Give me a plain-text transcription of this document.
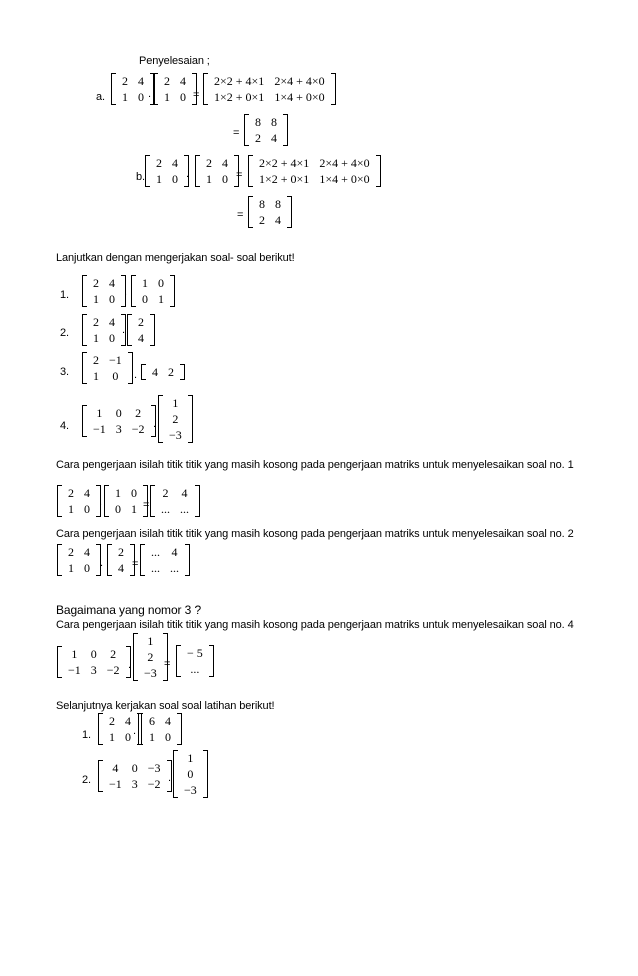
Penyelesaian ;
a.
2	4
1	0 .
2	4
1	0 =
2×2 + 4×1	2×4 + 4×0
1×2 + 0×1	1×4 + 0×0
=
8	8
2	4
b.
2	4
1	0 .
2	4
1	0 =
2×2 + 4×1	2×4 + 4×0
1×2 + 0×1	1×4 + 0×0
=
8	8
2	4
Lanjutkan dengan mengerjakan soal- soal berikut!
1.
2	4
1	0 .
1	0
0	1
2.
2	4
1	0
.
2
4
3.
2	−1
1	0 . 4	2
4.
1	0	2
−1	3	−2 .
1
2
−3
Cara pengerjaan isilah titik titik yang masih kosong pada pengerjaan matriks untuk menyelesaikan soal no. 1
2	4
1	0 .
1	0
0	1 =
2	4
...	...
Cara pengerjaan isilah titik titik yang masih kosong pada pengerjaan matriks untuk menyelesaikan soal no. 2
2	4
1	0 .
2
4 =
...	4
...	...
Bagaimana yang nomor 3 ?
Cara pengerjaan isilah titik titik yang masih kosong pada pengerjaan matriks untuk menyelesaikan soal no. 4
1	0	2
−1	3	−2 .
1
2
−3
=
− 5
...
Selanjutnya kerjakan soal soal latihan berikut!
1.
2	4
1	0 .
6	4
1	0
2.
4	0	−3
−1	3	−2 .
1
0
−3
